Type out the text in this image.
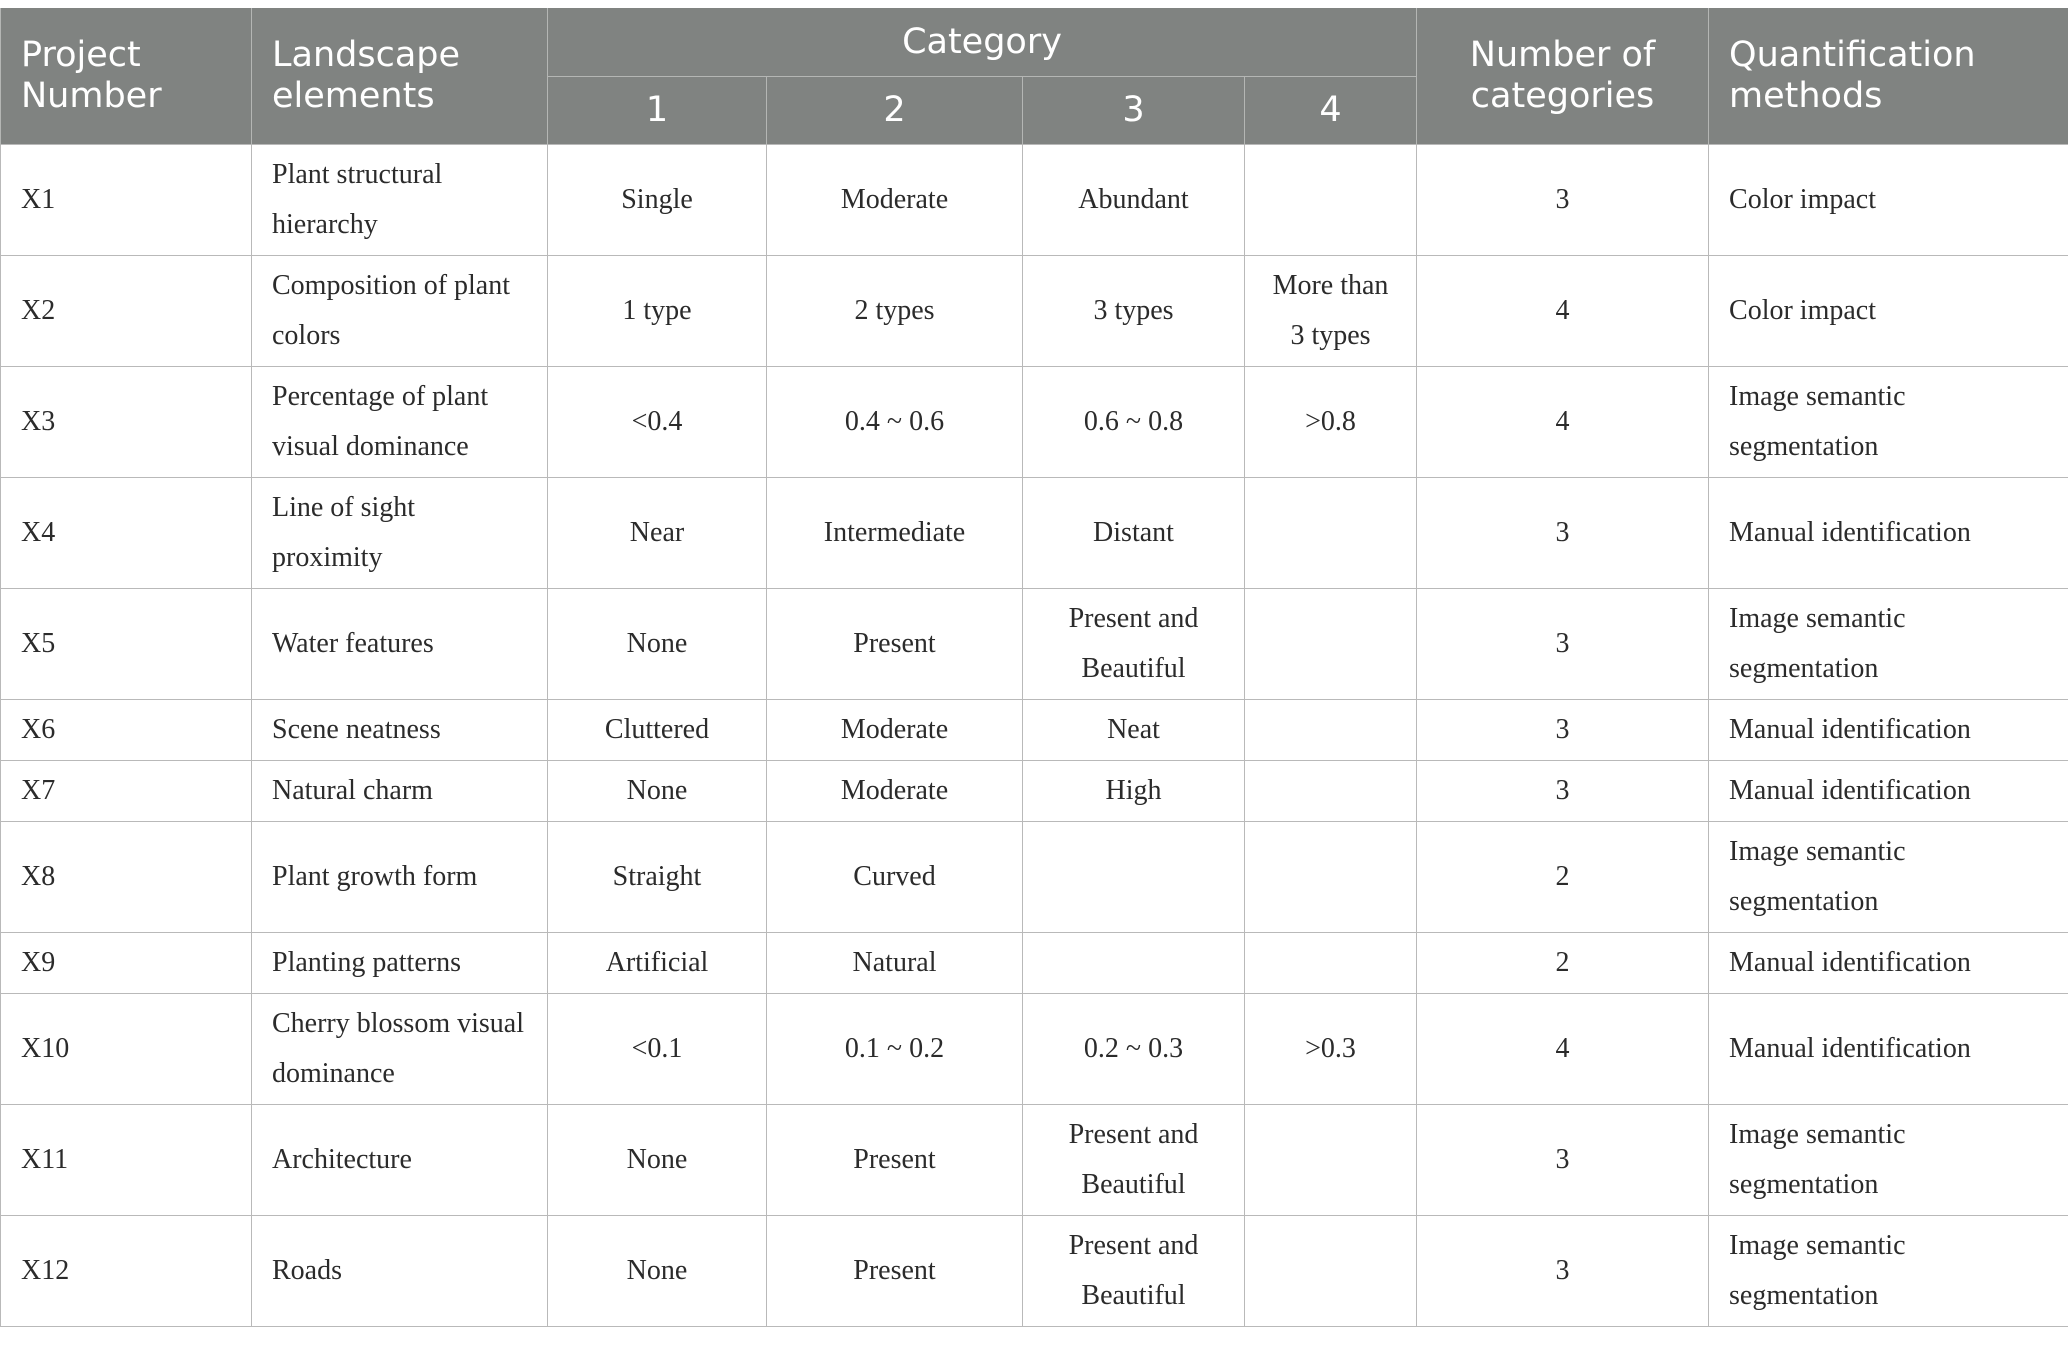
Project Number	Landscape elements	Category				Number of categories	Quantification methods
		1	2	3	4		
X1	Plant structural hierarchy	Single	Moderate	Abundant		3	Color impact
X2	Composition of plant colors	1 type	2 types	3 types	More than 3 types	4	Color impact
X3	Percentage of plant visual dominance	<0.4	0.4 ~ 0.6	0.6 ~ 0.8	>0.8	4	Image semantic segmentation
X4	Line of sight proximity	Near	Intermediate	Distant		3	Manual identification
X5	Water features	None	Present	Present and Beautiful		3	Image semantic segmentation
X6	Scene neatness	Cluttered	Moderate	Neat		3	Manual identification
X7	Natural charm	None	Moderate	High		3	Manual identification
X8	Plant growth form	Straight	Curved			2	Image semantic segmentation
X9	Planting patterns	Artificial	Natural			2	Manual identification
X10	Cherry blossom visual dominance	<0.1	0.1 ~ 0.2	0.2 ~ 0.3	>0.3	4	Manual identification
X11	Architecture	None	Present	Present and Beautiful		3	Image semantic segmentation
X12	Roads	None	Present	Present and Beautiful		3	Image semantic segmentation
